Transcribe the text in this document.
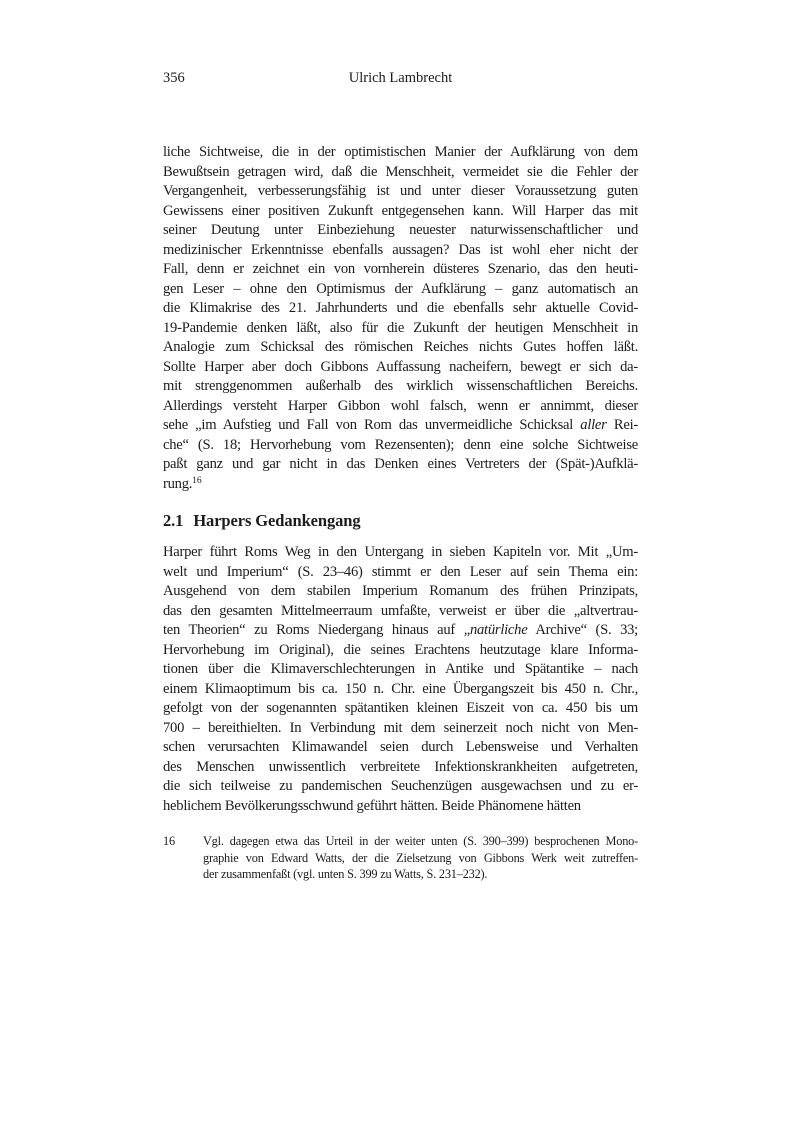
356	Ulrich Lambrecht
liche Sichtweise, die in der optimistischen Manier der Aufklärung von dem
Bewußtsein getragen wird, daß die Menschheit, vermeidet sie die Fehler der
Vergangenheit, verbesserungsfähig ist und unter dieser Voraussetzung guten
Gewissens einer positiven Zukunft entgegensehen kann. Will Harper das mit
seiner Deutung unter Einbeziehung neuester naturwissenschaftlicher und
medizinischer Erkenntnisse ebenfalls aussagen? Das ist wohl eher nicht der
Fall, denn er zeichnet ein von vornherein düsteres Szenario, das den heuti-
gen Leser – ohne den Optimismus der Aufklärung – ganz automatisch an
die Klimakrise des 21. Jahrhunderts und die ebenfalls sehr aktuelle Covid-
19-Pandemie denken läßt, also für die Zukunft der heutigen Menschheit in
Analogie zum Schicksal des römischen Reiches nichts Gutes hoffen läßt.
Sollte Harper aber doch Gibbons Auffassung nacheifern, bewegt er sich da-
mit strenggenommen außerhalb des wirklich wissenschaftlichen Bereichs.
Allerdings versteht Harper Gibbon wohl falsch, wenn er annimmt, dieser
sehe „im Aufstieg und Fall von Rom das unvermeidliche Schicksal aller Rei-
che“ (S. 18; Hervorhebung vom Rezensenten); denn eine solche Sichtweise
paßt ganz und gar nicht in das Denken eines Vertreters der (Spät-)Aufklä-
rung.$^{16}$
2.1 Harpers Gedankengang
Harper führt Roms Weg in den Untergang in sieben Kapiteln vor. Mit „Um-
welt und Imperium“ (S. 23–46) stimmt er den Leser auf sein Thema ein:
Ausgehend von dem stabilen Imperium Romanum des frühen Prinzipats,
das den gesamten Mittelmeerraum umfaßte, verweist er über die „altvertrau-
ten Theorien“ zu Roms Niedergang hinaus auf „natürliche Archive“ (S. 33;
Hervorhebung im Original), die seines Erachtens heutzutage klare Informa-
tionen über die Klimaverschlechterungen in Antike und Spätantike – nach
einem Klimaoptimum bis ca. 150 n. Chr. eine Übergangszeit bis 450 n. Chr.,
gefolgt von der sogenannten spätantiken kleinen Eiszeit von ca. 450 bis um
700 – bereithielten. In Verbindung mit dem seinerzeit noch nicht von Men-
schen verursachten Klimawandel seien durch Lebensweise und Verhalten
des Menschen unwissentlich verbreitete Infektionskrankheiten aufgetreten,
die sich teilweise zu pandemischen Seuchenzügen ausgewachsen und zu er-
heblichem Bevölkerungsschwund geführt hätten. Beide Phänomene hätten
16	Vgl. dagegen etwa das Urteil in der weiter unten (S. 390–399) besprochenen Mono-
graphie von Edward Watts, der die Zielsetzung von Gibbons Werk weit zutreffen-
der zusammenfaßt (vgl. unten S. 399 zu Watts, S. 231–232).
